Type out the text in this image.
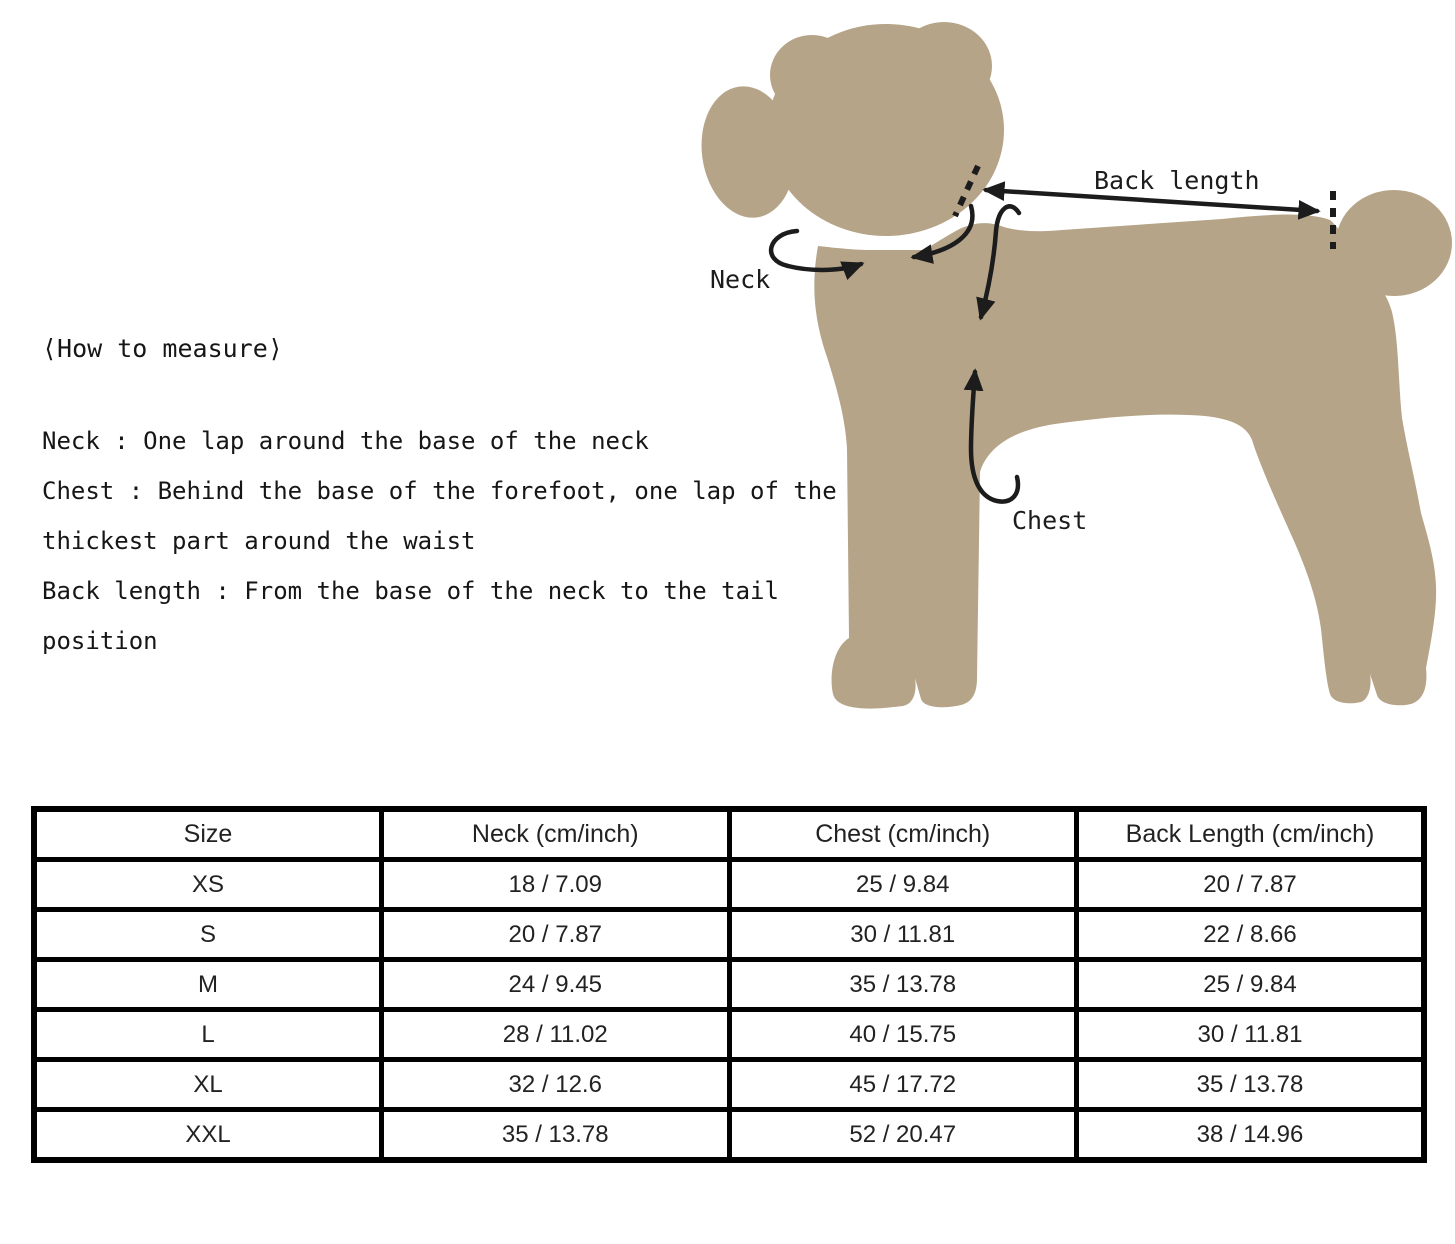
⟨How to measure⟩
Neck : One lap around the base of the neck
Chest : Behind the base of the forefoot, one lap of the
thickest part around the waist
Back length : From the base of the neck to the tail
position
Neck
Back length
Chest
Size	Neck (cm/inch)	Chest (cm/inch)	Back Length (cm/inch)
XS	18 / 7.09	25 / 9.84	20 / 7.87
S	20 / 7.87	30 / 11.81	22 / 8.66
M	24 / 9.45	35 / 13.78	25 / 9.84
L	28 / 11.02	40 / 15.75	30 / 11.81
XL	32 / 12.6	45 / 17.72	35 / 13.78
XXL	35 / 13.78	52 / 20.47	38 / 14.96
